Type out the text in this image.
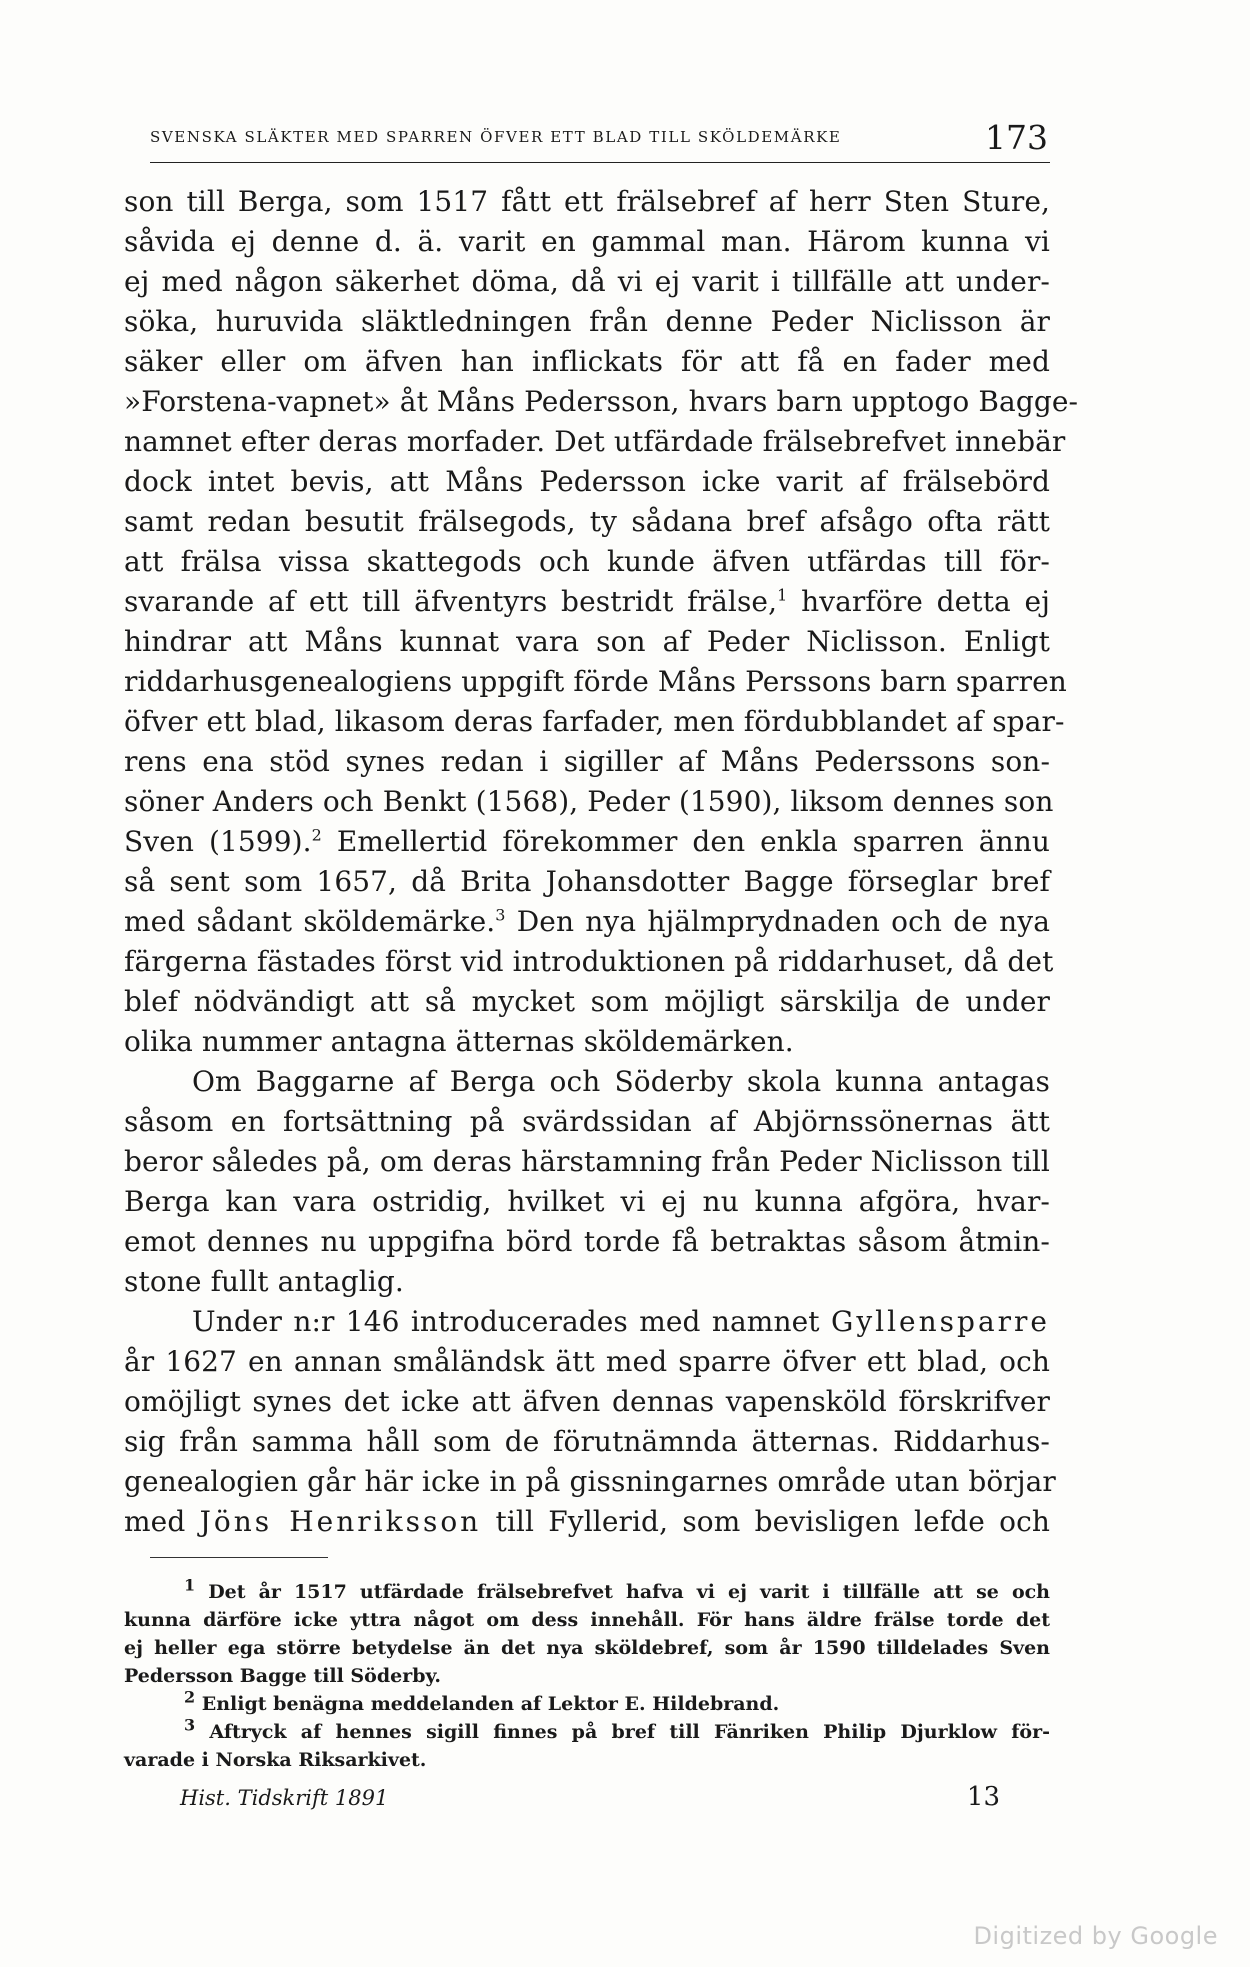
SVENSKA SLÄKTER MED SPARREN ÖFVER ETT BLAD TILL SKÖLDEMÄRKE	173
son till Berga, som 1517 fått ett frälsebref af herr Sten Sture,
såvida ej denne d. ä. varit en gammal man. Härom kunna vi
ej med någon säkerhet döma, då vi ej varit i tillfälle att under-
söka, huruvida släktledningen från denne Peder Niclisson är
säker eller om äfven han inflickats för att få en fader med
»Forstena-vapnet» åt Måns Pedersson, hvars barn upptogo Bagge-
namnet efter deras morfader. Det utfärdade frälsebrefvet innebär
dock intet bevis, att Måns Pedersson icke varit af frälsebörd
samt redan besutit frälsegods, ty sådana bref afsågo ofta rätt
att frälsa vissa skattegods och kunde äfven utfärdas till för-
svarande af ett till äfventyrs bestridt frälse,$^1$ hvarföre detta ej
hindrar att Måns kunnat vara son af Peder Niclisson. Enligt
riddarhusgenealogiens uppgift förde Måns Perssons barn sparren
öfver ett blad, likasom deras farfader, men fördubblandet af spar-
rens ena stöd synes redan i sigiller af Måns Pederssons son-
söner Anders och Benkt (1568), Peder (1590), liksom dennes son
Sven (1599).$^2$ Emellertid förekommer den enkla sparren ännu
så sent som 1657, då Brita Johansdotter Bagge förseglar bref
med sådant sköldemärke.$^3$ Den nya hjälmprydnaden och de nya
färgerna fästades först vid introduktionen på riddarhuset, då det
blef nödvändigt att så mycket som möjligt särskilja de under
olika nummer antagna ätternas sköldemärken.
Om Baggarne af Berga och Söderby skola kunna antagas
såsom en fortsättning på svärdssidan af Abjörnssönernas ätt
beror således på, om deras härstamning från Peder Niclisson till
Berga kan vara ostridig, hvilket vi ej nu kunna afgöra, hvar-
emot dennes nu uppgifna börd torde få betraktas såsom åtmin-
stone fullt antaglig.
Under n:r 146 introducerades med namnet Gyllensparre
år 1627 en annan småländsk ätt med sparre öfver ett blad, och
omöjligt synes det icke att äfven dennas vapensköld förskrifver
sig från samma håll som de förutnämnda ätternas. Riddarhus-
genealogien går här icke in på gissningarnes område utan börjar
med Jöns Henriksson till Fyllerid, som bevisligen lefde och
$^1$ Det år 1517 utfärdade frälsebrefvet hafva vi ej varit i tillfälle att se och
kunna därföre icke yttra något om dess innehåll. För hans äldre frälse torde det
ej heller ega större betydelse än det nya sköldebref, som år 1590 tilldelades Sven
Pedersson Bagge till Söderby.
$^2$ Enligt benägna meddelanden af Lektor E. Hildebrand.
$^3$ Aftryck af hennes sigill finnes på bref till Fänriken Philip Djurklow för-
varade i Norska Riksarkivet.
Hist. Tidskrift 1891	13
Digitized by Google
